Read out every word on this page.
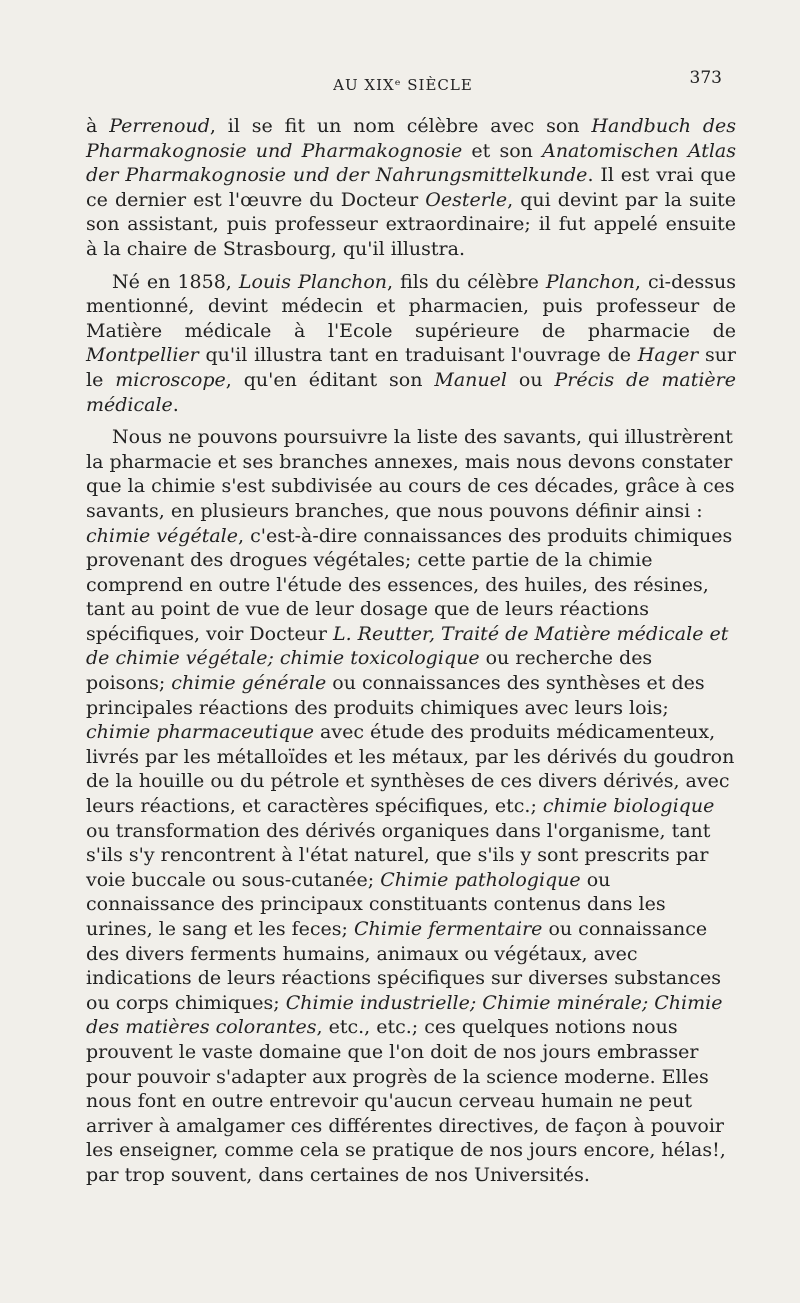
AU XIXᵉ SIÈCLE	373

à Perrenoud, il se fit un nom célèbre avec son Handbuch des Pharmakognosie und Pharmakognosie et son Anatomischen Atlas der Pharmakognosie und der Nahrungsmittelkunde. Il est vrai que ce dernier est l'œuvre du Docteur Oesterle, qui devint par la suite son assistant, puis professeur extraordinaire; il fut appelé ensuite à la chaire de Strasbourg, qu'il illustra.

Né en 1858, Louis Planchon, fils du célèbre Planchon, ci-dessus mentionné, devint médecin et pharmacien, puis professeur de Matière médicale à l'Ecole supérieure de pharmacie de Montpellier qu'il illustra tant en traduisant l'ouvrage de Hager sur le microscope, qu'en éditant son Manuel ou Précis de matière médicale.

Nous ne pouvons poursuivre la liste des savants, qui illustrèrent la pharmacie et ses branches annexes, mais nous devons constater que la chimie s'est subdivisée au cours de ces décades, grâce à ces savants, en plusieurs branches, que nous pouvons définir ainsi : chimie végétale, c'est-à-dire connaissances des produits chimiques provenant des drogues végétales; cette partie de la chimie comprend en outre l'étude des essences, des huiles, des résines, tant au point de vue de leur dosage que de leurs réactions spécifiques, voir Docteur L. Reutter, Traité de Matière médicale et de chimie végétale; chimie toxicologique ou recherche des poisons; chimie générale ou connaissances des synthèses et des principales réactions des produits chimiques avec leurs lois; chimie pharmaceutique avec étude des produits médicamenteux, livrés par les métalloïdes et les métaux, par les dérivés du goudron de la houille ou du pétrole et synthèses de ces divers dérivés, avec leurs réactions, et caractères spécifiques, etc.; chimie biologique ou transformation des dérivés organiques dans l'organisme, tant s'ils s'y rencontrent à l'état naturel, que s'ils y sont prescrits par voie buccale ou sous-cutanée; Chimie pathologique ou connaissance des principaux constituants contenus dans les urines, le sang et les feces; Chimie fermentaire ou connaissance des divers ferments humains, animaux ou végétaux, avec indications de leurs réactions spécifiques sur diverses substances ou corps chimiques; Chimie industrielle; Chimie minérale; Chimie des matières colorantes, etc., etc.; ces quelques notions nous prouvent le vaste domaine que l'on doit de nos jours embrasser pour pouvoir s'adapter aux progrès de la science moderne. Elles nous font en outre entrevoir qu'aucun cerveau humain ne peut arriver à amalgamer ces différentes directives, de façon à pouvoir les enseigner, comme cela se pratique de nos jours encore, hélas!, par trop souvent, dans certaines de nos Universités.
